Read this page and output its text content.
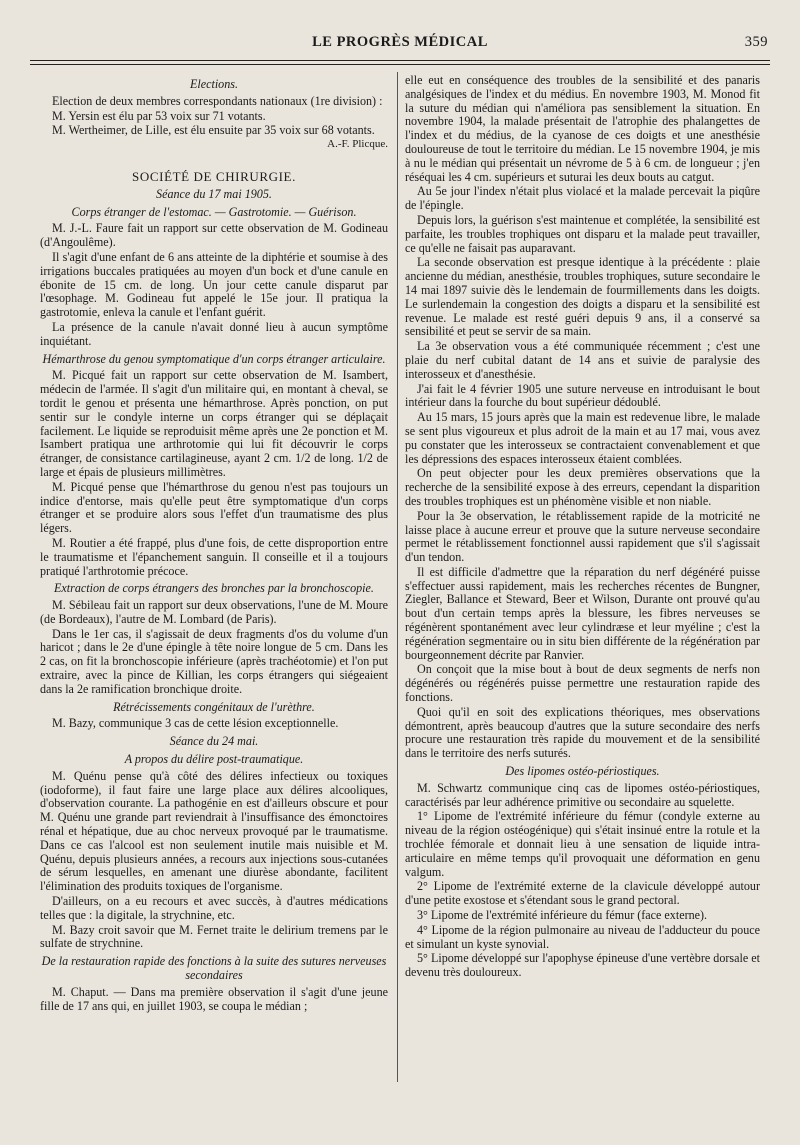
LE PROGRÈS MÉDICAL	359
Elections.

Election de deux membres correspondants nationaux (1re division) :

M. Yersin est élu par 53 voix sur 71 votants.

M. Wertheimer, de Lille, est élu ensuite par 35 voix sur 68 votants.

A.-F. Plicque.
SOCIÉTÉ DE CHIRURGIE.
Séance du 17 mai 1905.
Corps étranger de l'estomac. — Gastrotomie. — Guérison.

M. J.-L. Faure fait un rapport sur cette observation de M. Godineau (d'Angoulême).

Il s'agit d'une enfant de 6 ans atteinte de la diphtérie et soumise à des irrigations buccales pratiquées au moyen d'un bock et d'une canule en ébonite de 15 cm. de long. Un jour cette canule disparut par l'œsophage. M. Godineau fut appelé le 15e jour. Il pratiqua la gastrotomie, enleva la canule et l'enfant guérit.

La présence de la canule n'avait donné lieu à aucun symptôme inquiétant.

Hémarthrose du genou symptomatique d'un corps étranger articulaire.

M. Picqué fait un rapport sur cette observation de M. Isambert, médecin de l'armée. Il s'agit d'un militaire qui, en montant à cheval, se tordit le genou et présenta une hémarthrose. Après ponction, on put sentir sur le condyle interne un corps étranger qui se déplaçait facilement. Le liquide se reproduisit même après une 2e ponction et M. Isambert pratiqua une arthrotomie qui lui fit découvrir le corps étranger, de consistance cartilagineuse, ayant 2 cm. 1/2 de long. 1/2 de large et épais de plusieurs millimètres.

M. Picqué pense que l'hémarthrose du genou n'est pas toujours un indice d'entorse, mais qu'elle peut être symptomatique d'un corps étranger et se produire alors sous l'effet d'un traumatisme des plus légers.

M. Routier a été frappé, plus d'une fois, de cette disproportion entre le traumatisme et l'épanchement sanguin. Il conseille et il a toujours pratiqué l'arthrotomie précoce.

Extraction de corps étrangers des bronches par la bronchoscopie.

M. Sébileau fait un rapport sur deux observations, l'une de M. Moure (de Bordeaux), l'autre de M. Lombard (de Paris).

Dans le 1er cas, il s'agissait de deux fragments d'os du volume d'un haricot ; dans le 2e d'une épingle à tête noire longue de 5 cm. Dans les 2 cas, on fit la bronchoscopie inférieure (après trachéotomie) et l'on put extraire, avec la pince de Killian, les corps étrangers qui siégeaient dans la 2e ramification bronchique droite.

Rétrécissements congénitaux de l'urèthre.

M. Bazy, communique 3 cas de cette lésion exceptionnelle.

Séance du 24 mai.
A propos du délire post-traumatique.

M. Quénu pense qu'à côté des délires infectieux ou toxiques (iodoforme), il faut faire une large place aux délires alcooliques, d'observation courante. La pathogénie en est d'ailleurs obscure et pour M. Quénu une grande part reviendrait à l'insuffisance des émonctoires rénal et hépatique, due au choc nerveux provoqué par le traumatisme. Dans ce cas l'alcool est non seulement inutile mais nuisible et M. Quénu, depuis plusieurs années, a recours aux injections sous-cutanées de sérum lesquelles, en amenant une diurèse abondante, facilitent l'élimination des produits toxiques de l'organisme.

D'ailleurs, on a eu recours et avec succès, à d'autres médications telles que : la digitale, la strychnine, etc.

M. Bazy croit savoir que M. Fernet traite le delirium tremens par le sulfate de strychnine.

De la restauration rapide des fonctions à la suite des sutures nerveuses secondaires

M. Chaput. — Dans ma première observation il s'agit d'une jeune fille de 17 ans qui, en juillet 1903, se coupa le médian ;

elle eut en conséquence des troubles de la sensibilité et des panaris analgésiques de l'index et du médius. En novembre 1903, M. Monod fit la suture du médian qui n'améliora pas sensiblement la situation. En novembre 1904, la malade présentait de l'atrophie des phalangettes de l'index et du médius, de la cyanose de ces doigts et une anesthésie douloureuse de tout le territoire du médian. Le 15 novembre 1904, je mis à nu le médian qui présentait un névrome de 5 à 6 cm. de longueur ; j'en réséquai les 4 cm. supérieurs et suturai les deux bouts au catgut.

Au 5e jour l'index n'était plus violacé et la malade percevait la piqûre de l'épingle.

Depuis lors, la guérison s'est maintenue et complétée, la sensibilité est parfaite, les troubles trophiques ont disparu et la malade peut travailler, ce qu'elle ne faisait pas auparavant.

La seconde observation est presque identique à la précédente : plaie ancienne du médian, anesthésie, troubles trophiques, suture secondaire le 14 mai 1897 suivie dès le lendemain de fourmillements dans les doigts. Le surlendemain la congestion des doigts a disparu et la sensibilité est revenue. Le malade est resté guéri depuis 9 ans, il a conservé sa sensibilité et peut se servir de sa main.

La 3e observation vous a été communiquée récemment ; c'est une plaie du nerf cubital datant de 14 ans et suivie de paralysie des interosseux et d'anesthésie.

J'ai fait le 4 février 1905 une suture nerveuse en introduisant le bout intérieur dans la fourche du bout supérieur dédoublé.

Au 15 mars, 15 jours après que la main est redevenue libre, le malade se sent plus vigoureux et plus adroit de la main et au 17 mai, vous avez pu constater que les interosseux se contractaient convenablement et que les dépressions des espaces interosseux étaient comblées.

On peut objecter pour les deux premières observations que la recherche de la sensibilité expose à des erreurs, cependant la disparition des troubles trophiques est un phénomène visible et non niable.

Pour la 3e observation, le rétablissement rapide de la motricité ne laisse place à aucune erreur et prouve que la suture nerveuse secondaire permet le rétablissement fonctionnel aussi rapidement que s'il s'agissait d'un tendon.

Il est difficile d'admettre que la réparation du nerf dégénéré puisse s'effectuer aussi rapidement, mais les recherches récentes de Bungner, Ziegler, Ballance et Steward, Beer et Wilson, Durante ont prouvé qu'au bout d'un certain temps après la blessure, les fibres nerveuses se régénèrent spontanément avec leur cylindræse et leur myéline ; c'est la régénération segmentaire ou in situ bien différente de la régénération par bourgeonnement décrite par Ranvier.

On conçoit que la mise bout à bout de deux segments de nerfs non dégénérés ou régénérés puisse permettre une restauration rapide des fonctions.

Quoi qu'il en soit des explications théoriques, mes observations démontrent, après beaucoup d'autres que la suture secondaire des nerfs procure une restauration très rapide du mouvement et de la sensibilité dans le territoire des nerfs suturés.

Des lipomes ostéo-périostiques.

M. Schwartz communique cinq cas de lipomes ostéo-périostiques, caractérisés par leur adhérence primitive ou secondaire au squelette.

1° Lipome de l'extrémité inférieure du fémur (condyle externe au niveau de la région ostéogénique) qui s'était insinué entre la rotule et la trochlée fémorale et donnait lieu à une sensation de liquide intra-articulaire en même temps qu'il provoquait une déformation en genu valgum.

2° Lipome de l'extrémité externe de la clavicule développé autour d'une petite exostose et s'étendant sous le grand pectoral.

3° Lipome de l'extrémité inférieure du fémur (face externe).

4° Lipome de la région pulmonaire au niveau de l'adducteur du pouce et simulant un kyste synovial.

5° Lipome développé sur l'apophyse épineuse d'une vertèbre dorsale et devenu très douloureux.
